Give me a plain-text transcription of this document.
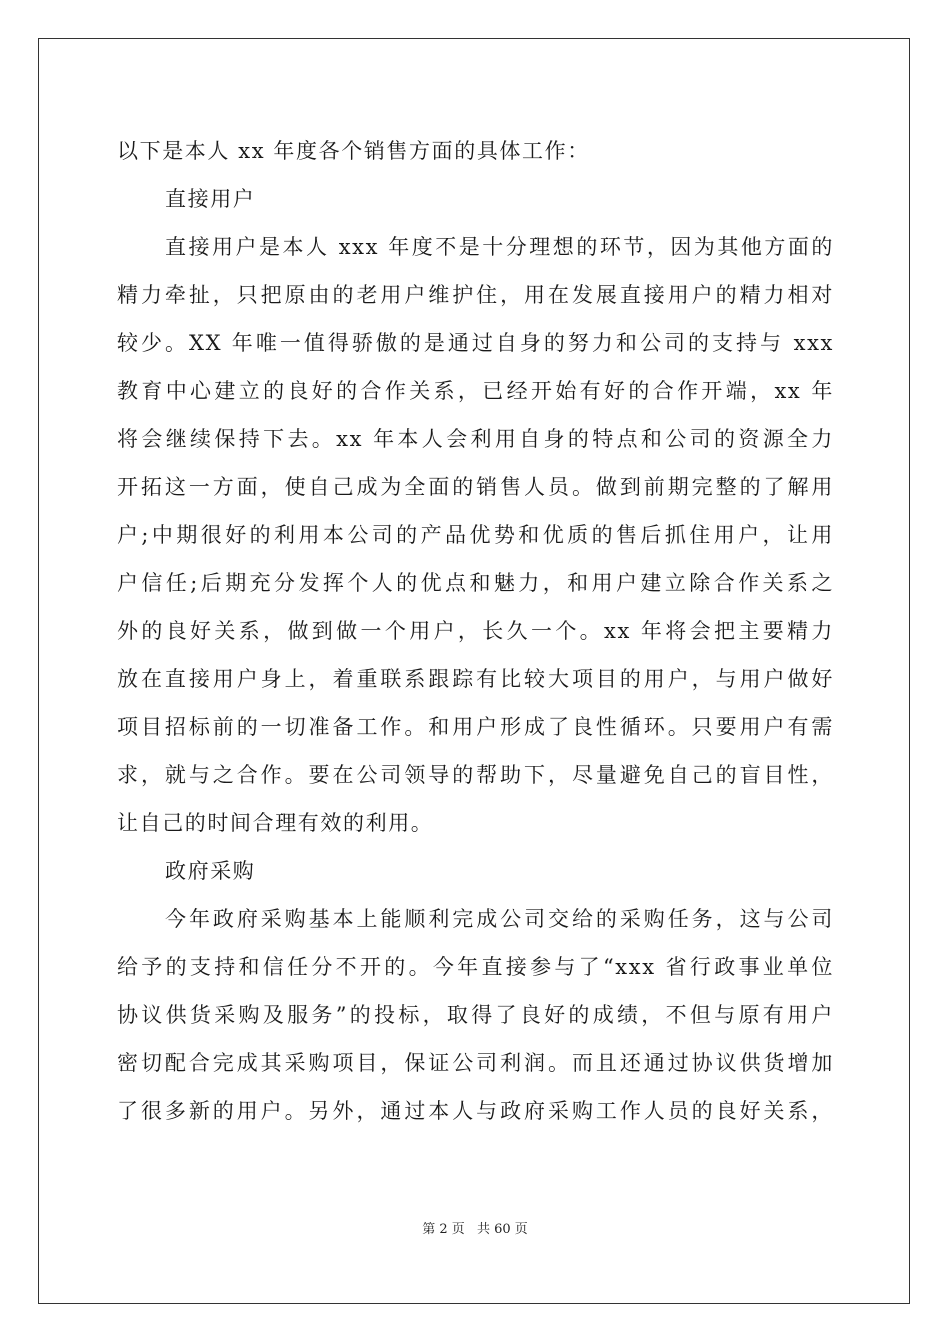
以下是本人 xx 年度各个销售方面的具体工作：
直接用户
直接用户是本人 xxx 年度不是十分理想的环节，因为其他方面的
精力牵扯，只把原由的老用户维护住，用在发展直接用户的精力相对
较少。XX 年唯一值得骄傲的是通过自身的努力和公司的支持与 xxx
教育中心建立的良好的合作关系，已经开始有好的合作开端，xx 年
将会继续保持下去。xx 年本人会利用自身的特点和公司的资源全力
开拓这一方面，使自己成为全面的销售人员。做到前期完整的了解用
户;中期很好的利用本公司的产品优势和优质的售后抓住用户，让用
户信任;后期充分发挥个人的优点和魅力，和用户建立除合作关系之
外的良好关系，做到做一个用户，长久一个。xx 年将会把主要精力
放在直接用户身上，着重联系跟踪有比较大项目的用户，与用户做好
项目招标前的一切准备工作。和用户形成了良性循环。只要用户有需
求，就与之合作。要在公司领导的帮助下，尽量避免自己的盲目性，
让自己的时间合理有效的利用。
政府采购
今年政府采购基本上能顺利完成公司交给的采购任务，这与公司
给予的支持和信任分不开的。今年直接参与了“xxx 省行政事业单位
协议供货采购及服务”的投标，取得了良好的成绩，不但与原有用户
密切配合完成其采购项目，保证公司利润。而且还通过协议供货增加
了很多新的用户。另外，通过本人与政府采购工作人员的良好关系，
第 2 页 共 60 页
